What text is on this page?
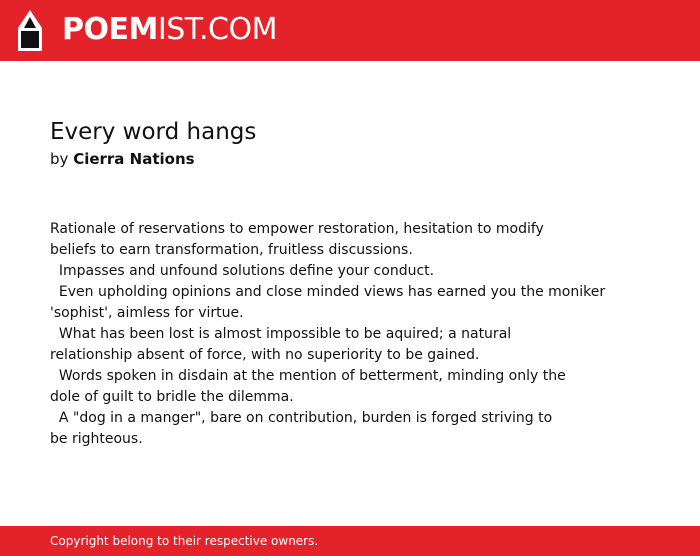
POEMIST.COM
Every word hangs
by Cierra Nations
Rationale of reservations to empower restoration, hesitation to modify
beliefs to earn transformation, fruitless discussions.
Impasses and unfound solutions define your conduct.
Even upholding opinions and close minded views has earned you the moniker
'sophist', aimless for virtue.
What has been lost is almost impossible to be aquired; a natural
relationship absent of force, with no superiority to be gained.
Words spoken in disdain at the mention of betterment, minding only the
dole of guilt to bridle the dilemma.
A "dog in a manger", bare on contribution, burden is forged striving to
be righteous.
Copyright belong to their respective owners.
